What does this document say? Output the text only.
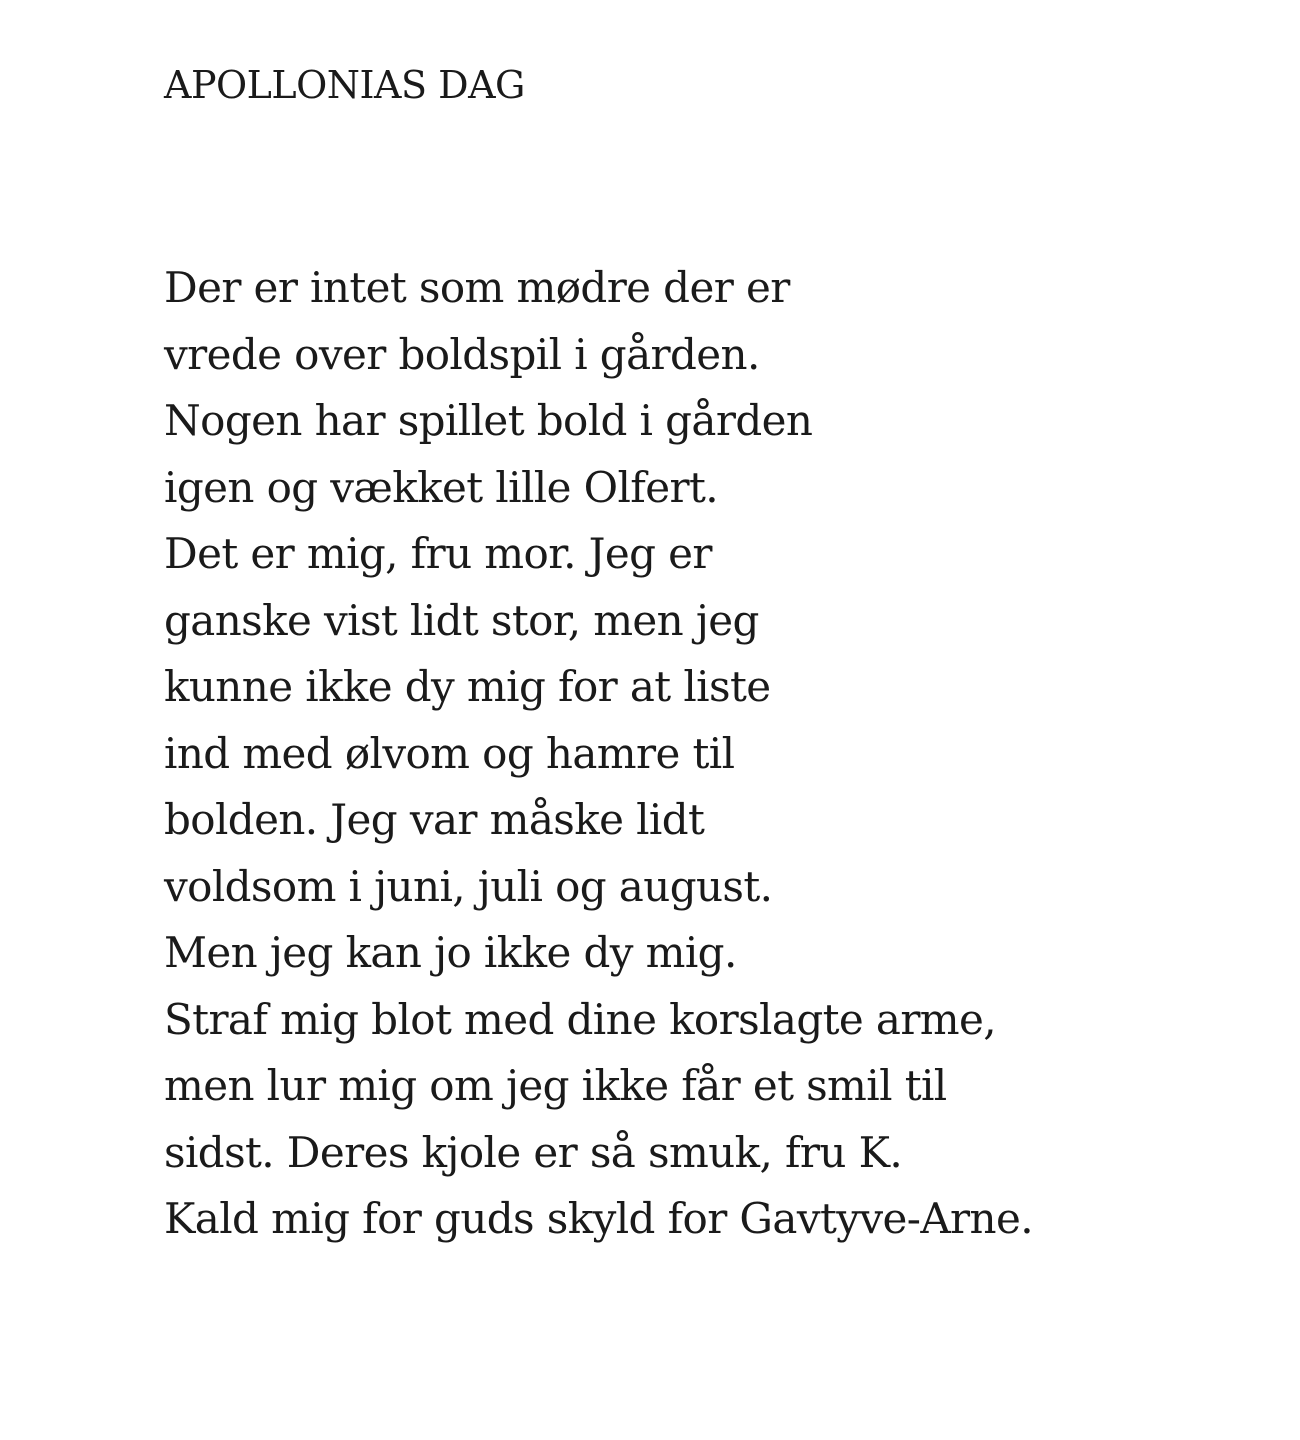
APOLLONIAS DAG
Der er intet som mødre der er
vrede over boldspil i gården.
Nogen har spillet bold i gården
igen og vækket lille Olfert.
Det er mig, fru mor. Jeg er
ganske vist lidt stor, men jeg
kunne ikke dy mig for at liste
ind med ølvom og hamre til
bolden. Jeg var måske lidt
voldsom i juni, juli og august.
Men jeg kan jo ikke dy mig.
Straf mig blot med dine korslagte arme,
men lur mig om jeg ikke får et smil til
sidst. Deres kjole er så smuk, fru K.
Kald mig for guds skyld for Gavtyve-Arne.
